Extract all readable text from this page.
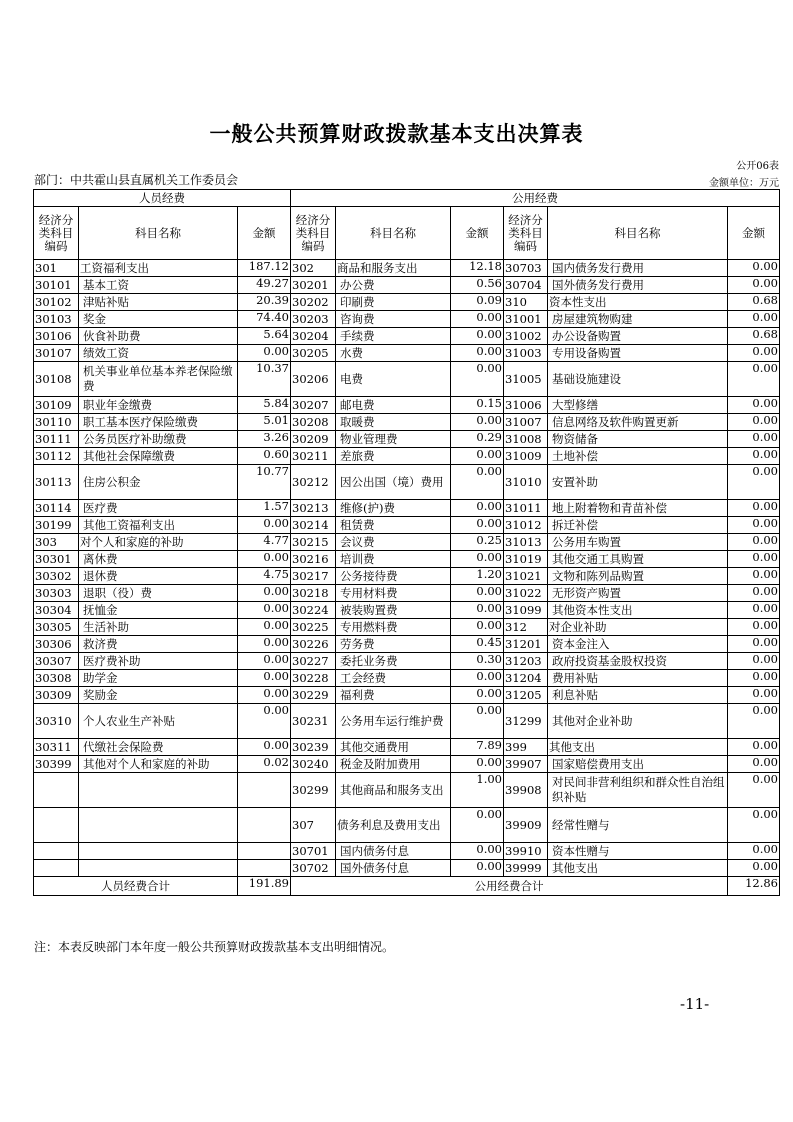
一般公共预算财政拨款基本支出决算表
公开06表
部门：中共霍山县直属机关工作委员会	金额单位：万元
人员经费			公用经费					
经济分类科目编码	科目名称	金额	经济分类科目编码	科目名称	金额	经济分类科目编码	科目名称	金额
301	工资福利支出	187.12	302	商品和服务支出	12.18	30703	国内债务发行费用	0.00
30101	基本工资	49.27	30201	办公费	0.56	30704	国外债务发行费用	0.00
30102	津贴补贴	20.39	30202	印刷费	0.09	310	资本性支出	0.68
30103	奖金	74.40	30203	咨询费	0.00	31001	房屋建筑物购建	0.00
30106	伙食补助费	5.64	30204	手续费	0.00	31002	办公设备购置	0.68
30107	绩效工资	0.00	30205	水费	0.00	31003	专用设备购置	0.00
30108	机关事业单位基本养老保险缴费	10.37	30206	电费	0.00	31005	基础设施建设	0.00
30109	职业年金缴费	5.84	30207	邮电费	0.15	31006	大型修缮	0.00
30110	职工基本医疗保险缴费	5.01	30208	取暖费	0.00	31007	信息网络及软件购置更新	0.00
30111	公务员医疗补助缴费	3.26	30209	物业管理费	0.29	31008	物资储备	0.00
30112	其他社会保障缴费	0.60	30211	差旅费	0.00	31009	土地补偿	0.00
30113	住房公积金	10.77	30212	因公出国（境）费用	0.00	31010	安置补助	0.00
30114	医疗费	1.57	30213	维修(护)费	0.00	31011	地上附着物和青苗补偿	0.00
30199	其他工资福利支出	0.00	30214	租赁费	0.00	31012	拆迁补偿	0.00
303	对个人和家庭的补助	4.77	30215	会议费	0.25	31013	公务用车购置	0.00
30301	离休费	0.00	30216	培训费	0.00	31019	其他交通工具购置	0.00
30302	退休费	4.75	30217	公务接待费	1.20	31021	文物和陈列品购置	0.00
30303	退职（役）费	0.00	30218	专用材料费	0.00	31022	无形资产购置	0.00
30304	抚恤金	0.00	30224	被装购置费	0.00	31099	其他资本性支出	0.00
30305	生活补助	0.00	30225	专用燃料费	0.00	312	对企业补助	0.00
30306	救济费	0.00	30226	劳务费	0.45	31201	资本金注入	0.00
30307	医疗费补助	0.00	30227	委托业务费	0.30	31203	政府投资基金股权投资	0.00
30308	助学金	0.00	30228	工会经费	0.00	31204	费用补贴	0.00
30309	奖励金	0.00	30229	福利费	0.00	31205	利息补贴	0.00
30310	个人农业生产补贴	0.00	30231	公务用车运行维护费	0.00	31299	其他对企业补助	0.00
30311	代缴社会保险费	0.00	30239	其他交通费用	7.89	399	其他支出	0.00
30399	其他对个人和家庭的补助	0.02	30240	税金及附加费用	0.00	39907	国家赔偿费用支出	0.00
			30299	其他商品和服务支出	1.00	39908	对民间非营利组织和群众性自治组织补贴	0.00
			307	债务利息及费用支出	0.00	39909	经常性赠与	0.00
			30701	国内债务付息	0.00	39910	资本性赠与	0.00
			30702	国外债务付息	0.00	39999	其他支出	0.00
人员经费合计		191.89	公用经费合计					12.86
注：本表反映部门本年度一般公共预算财政拨款基本支出明细情况。
-11-
